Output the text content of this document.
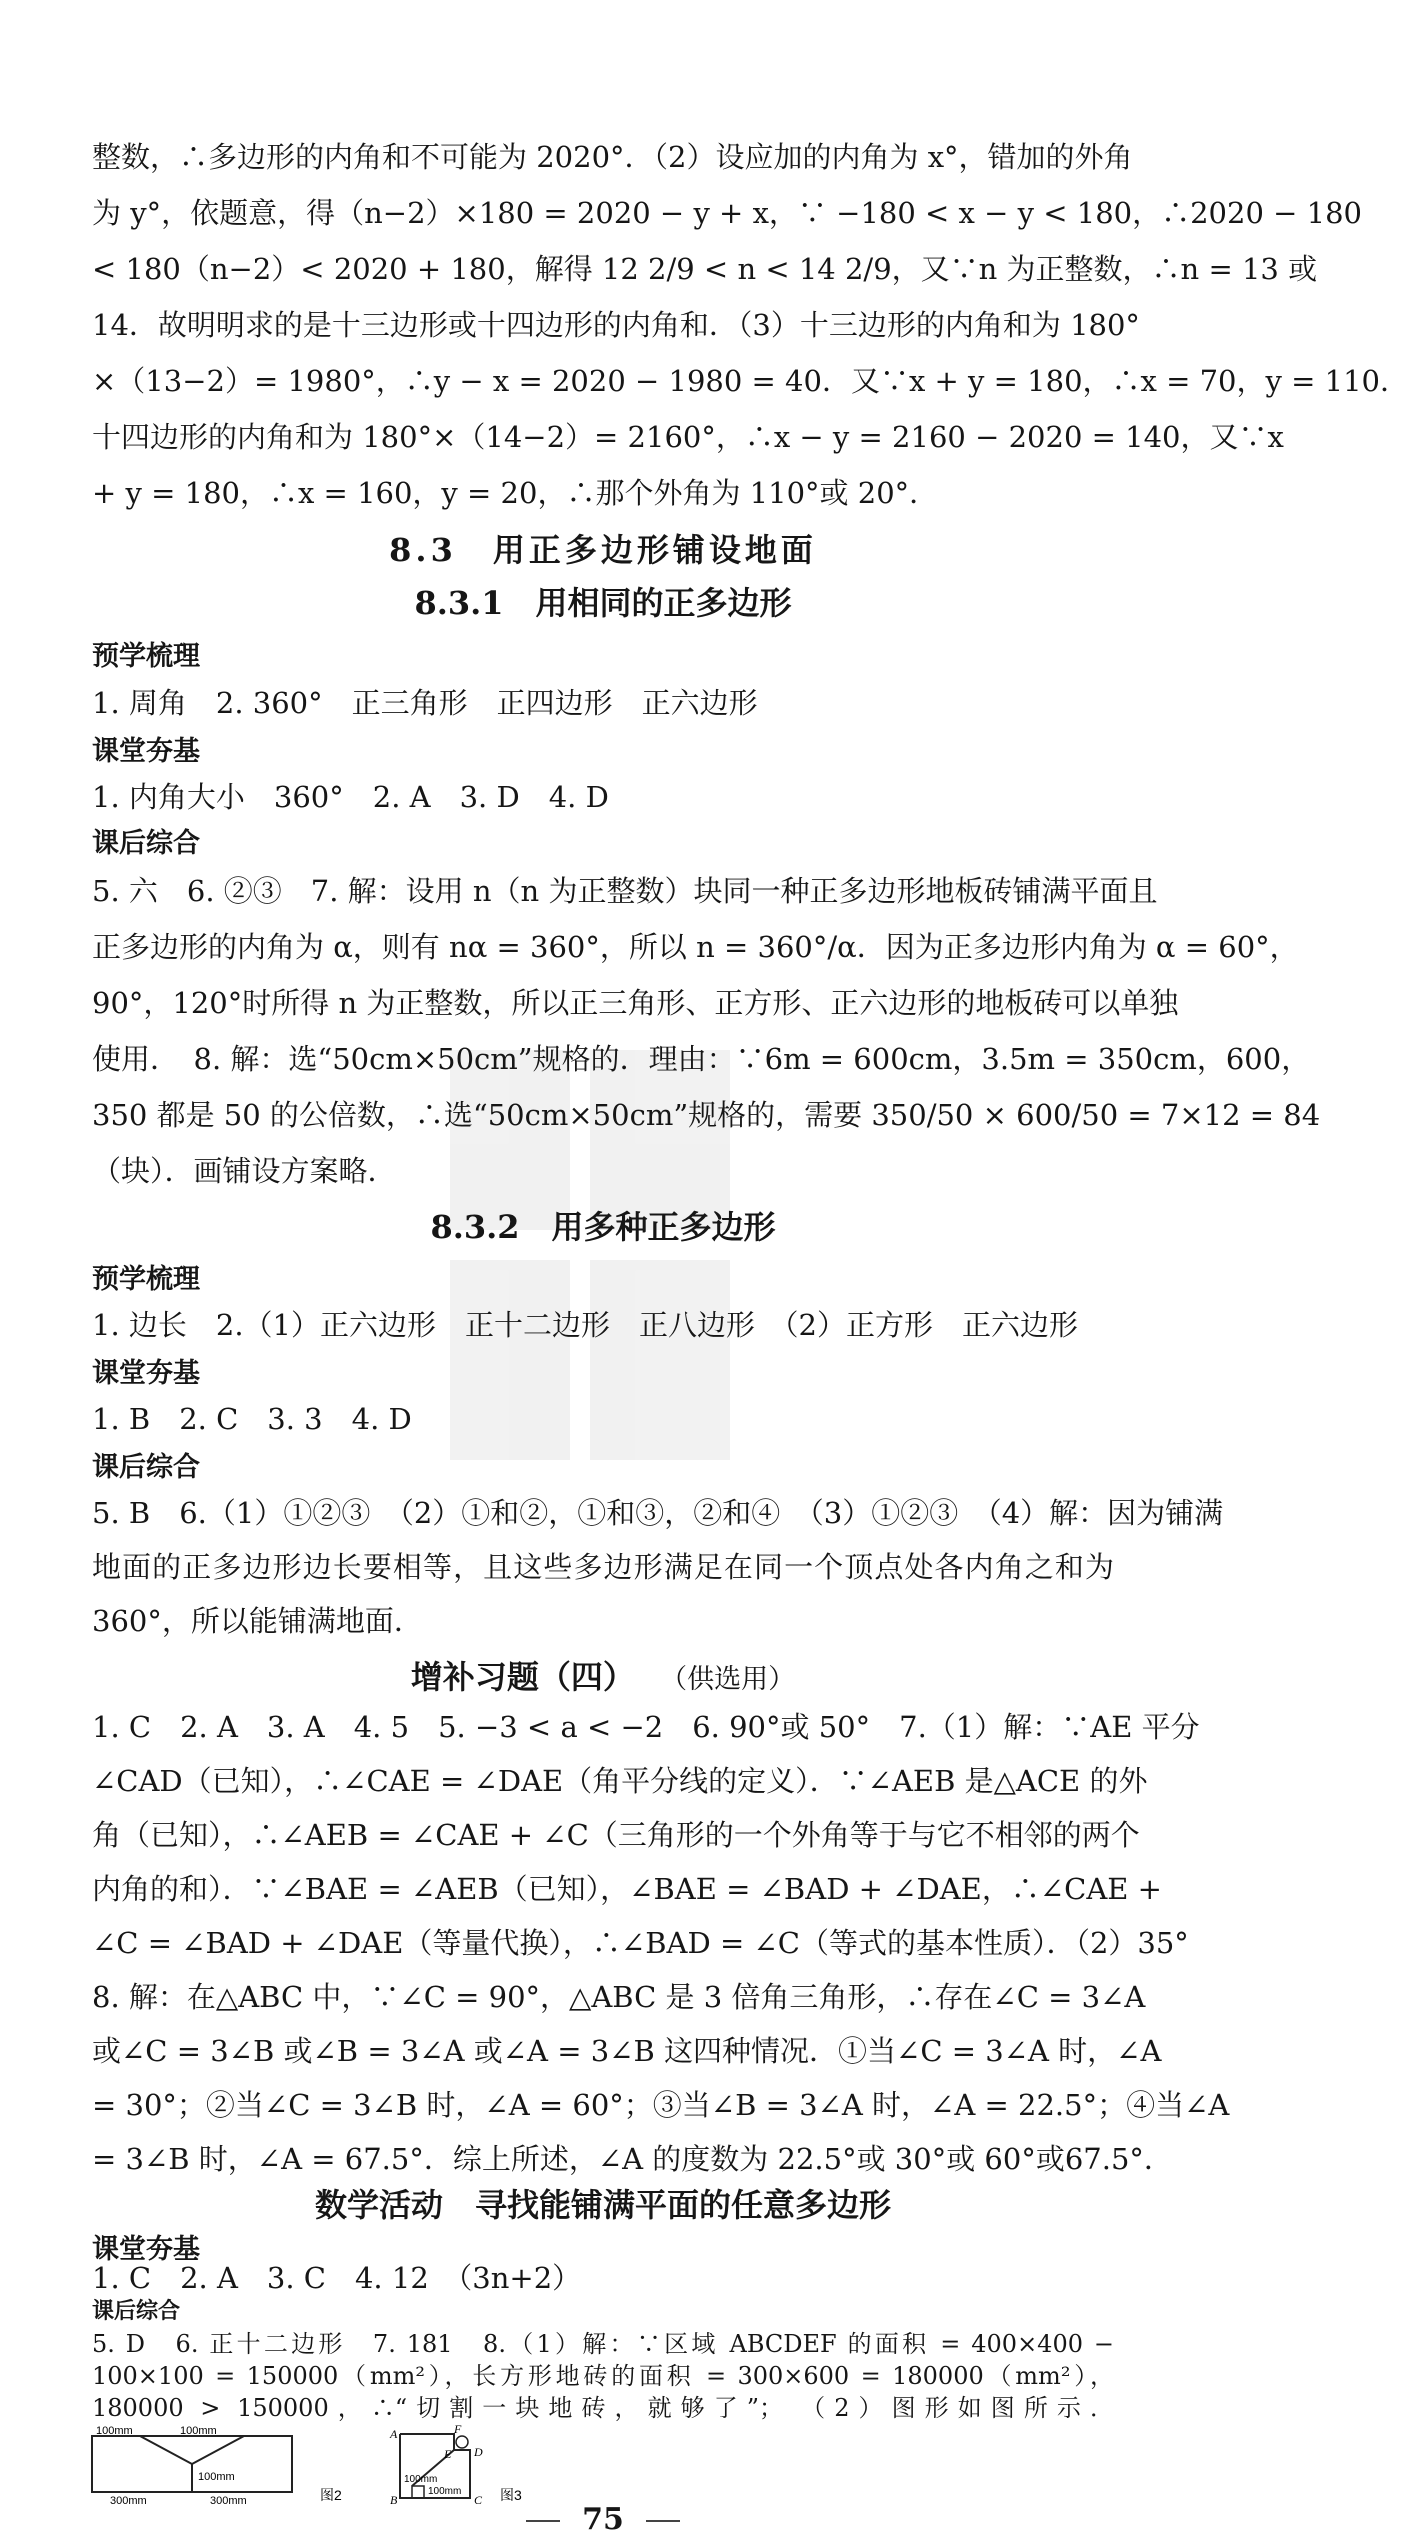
整数，∴多边形的内角和不可能为 2020°．（2）设应加的内角为 x°，错加的外角
为 y°，依题意，得（n−2）×180 = 2020 − y + x，∵ −180 < x − y < 180，∴2020 − 180
< 180（n−2）< 2020 + 180，解得 12 2/9 < n < 14 2/9，又∵n 为正整数，∴n = 13 或
14．故明明求的是十三边形或十四边形的内角和．（3）十三边形的内角和为 180°
×（13−2）= 1980°，∴y − x = 2020 − 1980 = 40．又∵x + y = 180，∴x = 70，y = 110．
十四边形的内角和为 180°×（14−2）= 2160°，∴x − y = 2160 − 2020 = 140，又∵x
+ y = 180，∴x = 160，y = 20，∴那个外角为 110°或 20°．
8.3　用正多边形铺设地面
8.3.1　用相同的正多边形
预学梳理
1. 周角　2. 360°　正三角形　正四边形　正六边形
课堂夯基
1. 内角大小　360°　2. A　3. D　4. D
课后综合
5. 六　6. ②③　7. 解：设用 n（n 为正整数）块同一种正多边形地板砖铺满平面且
正多边形的内角为 α，则有 nα = 360°，所以 n = 360°/α．因为正多边形内角为 α = 60°，
90°，120°时所得 n 为正整数，所以正三角形、正方形、正六边形的地板砖可以单独
使用．　8. 解：选“50cm×50cm”规格的．理由：∵6m = 600cm，3.5m = 350cm，600，
350 都是 50 的公倍数，∴选“50cm×50cm”规格的，需要 350/50 × 600/50 = 7×12 = 84
（块）．画铺设方案略．
8.3.2　用多种正多边形
预学梳理
1. 边长　2.（1）正六边形　正十二边形　正八边形　（2）正方形　正六边形
课堂夯基
1. B　2. C　3. 3　4. D
课后综合
5. B　6.（1）①②③　（2）①和②，①和③，②和④　（3）①②③　（4）解：因为铺满
地面的正多边形边长要相等，且这些多边形满足在同一个顶点处各内角之和为
360°，所以能铺满地面．
增补习题（四） （供选用）
1. C　2. A　3. A　4. 5　5. −3 < a < −2　6. 90°或 50°　7.（1）解：∵AE 平分
∠CAD（已知），∴∠CAE = ∠DAE（角平分线的定义）．∵∠AEB 是△ACE 的外
角（已知），∴∠AEB = ∠CAE + ∠C（三角形的一个外角等于与它不相邻的两个
内角的和）．∵∠BAE = ∠AEB（已知），∠BAE = ∠BAD + ∠DAE，∴∠CAE +
∠C = ∠BAD + ∠DAE（等量代换），∴∠BAD = ∠C（等式的基本性质）．（2）35°
8. 解：在△ABC 中，∵∠C = 90°，△ABC 是 3 倍角三角形，∴存在∠C = 3∠A
或∠C = 3∠B 或∠B = 3∠A 或∠A = 3∠B 这四种情况．①当∠C = 3∠A 时，∠A
= 30°；②当∠C = 3∠B 时，∠A = 60°；③当∠B = 3∠A 时，∠A = 22.5°；④当∠A
= 3∠B 时，∠A = 67.5°．综上所述，∠A 的度数为 22.5°或 30°或 60°或67.5°．
数学活动　寻找能铺满平面的任意多边形
课堂夯基
1. C　2. A　3. C　4. 12　（3n+2）
75
5. D　6. 正十二边形　7. 181　8.（1）解：∵区域 ABCDEF 的面积 = 400×400 −
100×100 = 150000（mm²），长方形地砖的面积 = 300×600 = 180000（mm²），
180000 > 150000，∴“切割一块地砖，就够了”；　（2）图形如图所示．
100mm	100mm
100mm
300mm	300mm	图2
A
B	C
D
E
F
100mm
100mm	图3
课后综合
